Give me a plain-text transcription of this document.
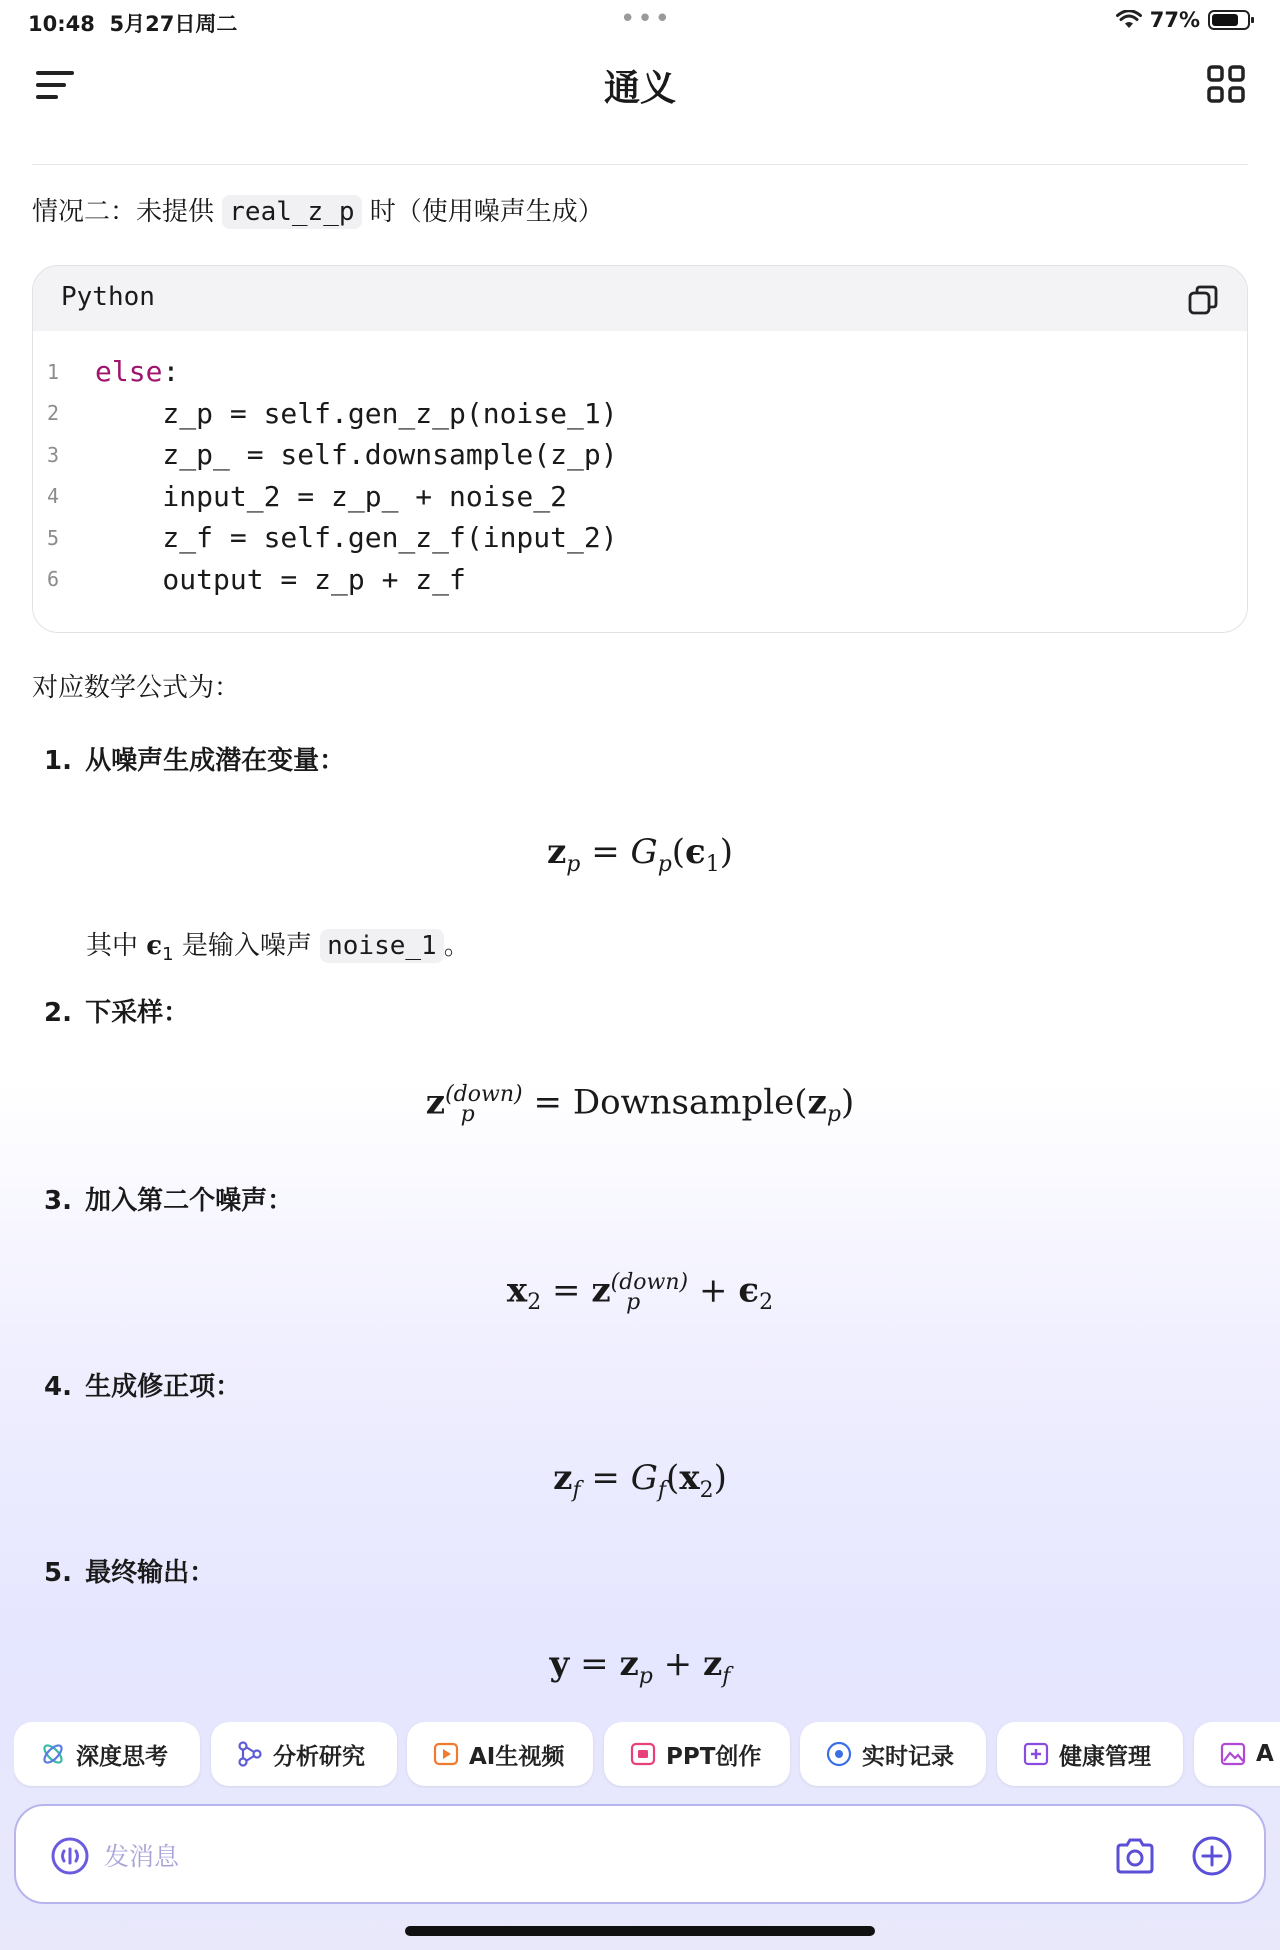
10:48 5月27日周二	•••	77%
通义
情况二：未提供 real_z_p 时（使用噪声生成）
Python
1	else :
2	z_p = self.gen_z_p(noise_1)
3	z_p_ = self.downsample(z_p)
4	input_2 = z_p_ + noise_2
5	z_f = self.gen_z_f(input_2)
6	output = z_p + z_f
对应数学公式为：
1. 从噪声生成潜在变量：
$z_p = G_p(\epsilon_1)$
其中 $\epsilon_1$ 是输入噪声 noise_1 。
2. 下采样：
$z^{(down)}_p$ = $Downsample(z_p)$
3. 加入第二个噪声：
$x_2 = z^{(down)}_p + \epsilon_2$
4. 生成修正项：
$z_f = G_f(x_2)$
5. 最终输出：
$y = z_p + z_f$
深度思考	分析研究	AI生视频	PPT创作	实时记录	健康管理	A
发消息
